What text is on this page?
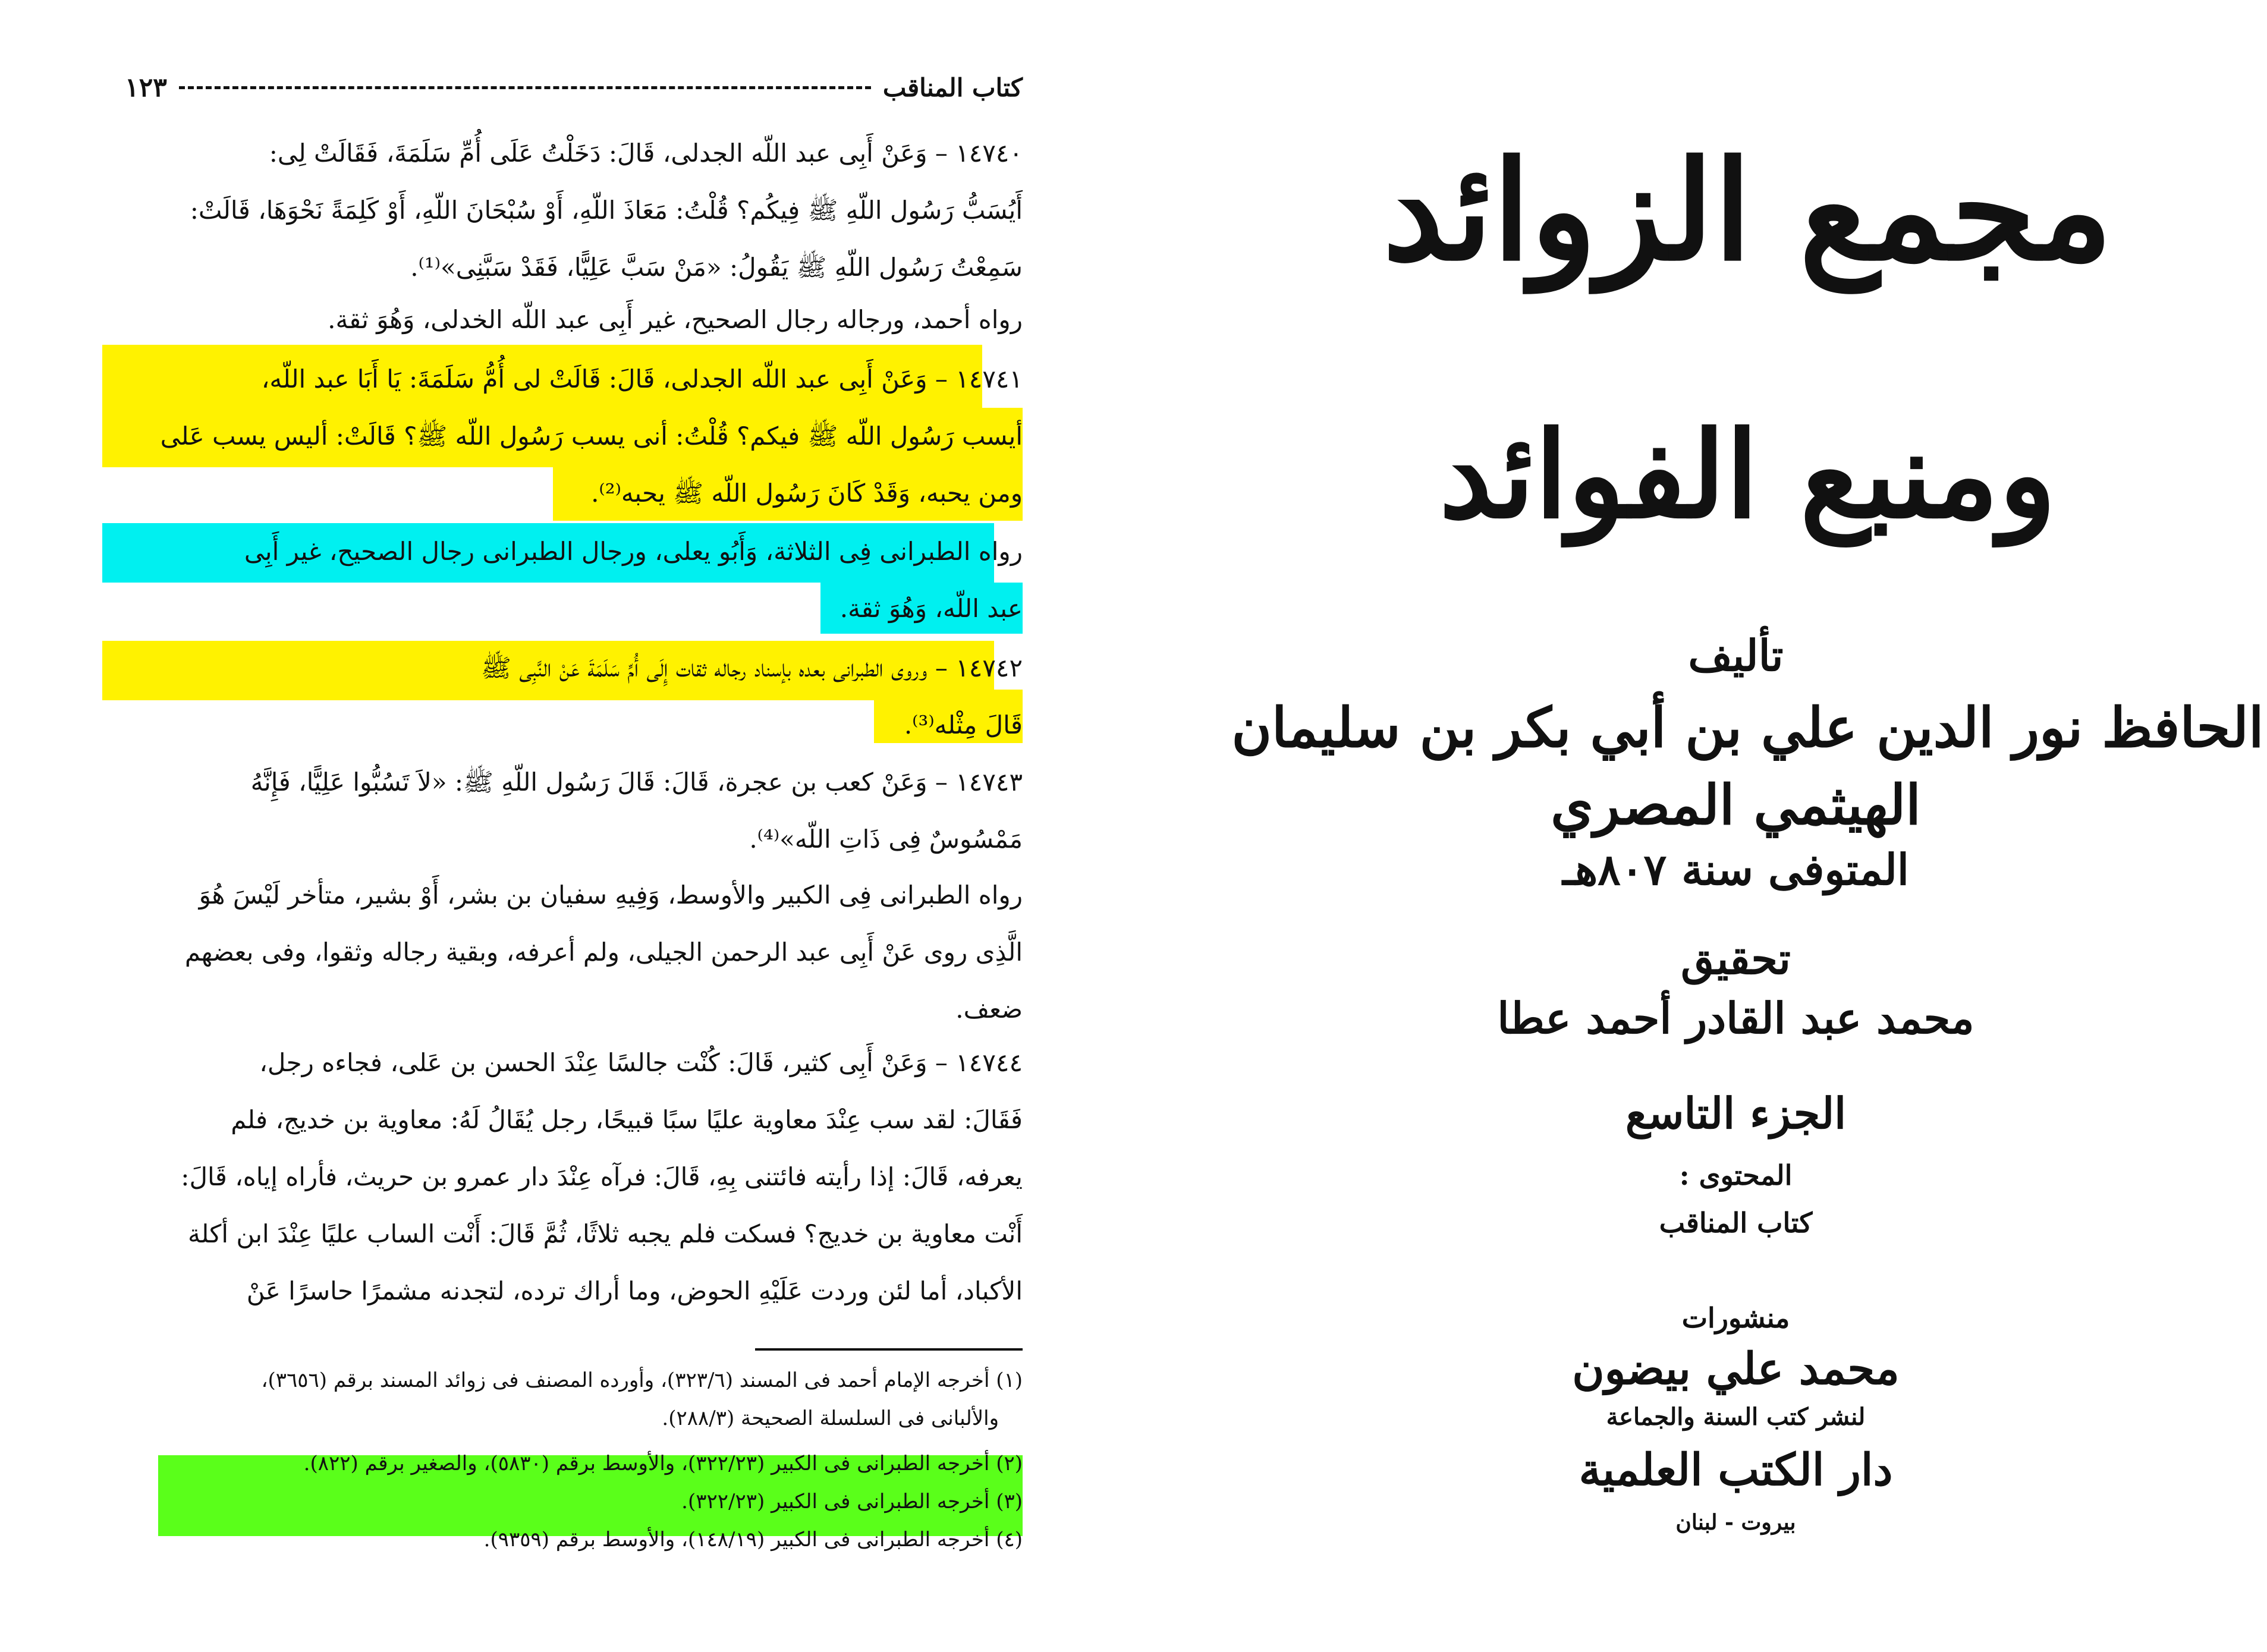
كتاب المناقب
١٢٣
١٤٧٤٠ – وَعَنْ أَبِى عبد اللّه الجدلى، قَالَ: دَخَلْتُ عَلَى أُمِّ سَلَمَةَ، فَقَالَتْ لِى:
أَيُسَبُّ رَسُول اللّهِ ﷺ فِيكُم؟ قُلْتُ: مَعَاذَ اللّهِ، أَوْ سُبْحَانَ اللّهِ، أَوْ كَلِمَةً نَحْوَهَا، قَالَتْ:
سَمِعْتُ رَسُول اللّهِ ﷺ يَقُولُ: «مَنْ سَبَّ عَلِيًّا، فَقَدْ سَبَّنِى»⁽¹⁾.
رواه أحمد، ورجاله رجال الصحيح، غير أَبِى عبد اللّه الخدلى، وَهُوَ ثقة.
١٤٧٤١ – وَعَنْ أَبِى عبد اللّه الجدلى، قَالَ: قَالَتْ لى أُمُّ سَلَمَةَ: يَا أَبَا عبد اللّه،
أيسب رَسُول اللّه ﷺ فيكم؟ قُلْتُ: أنى يسب رَسُول اللّه ﷺ؟ قَالَتْ: أليس يسب عَلى
ومن يحبه، وَقَدْ كَانَ رَسُول اللّه ﷺ يحبه⁽²⁾.
رواه الطبرانى فِى الثلاثة، وَأَبُو يعلى، ورجال الطبرانى رجال الصحيح، غير أَبِى
عبد اللّه، وَهُوَ ثقة.
١٤٧٤٢ – وروى الطبرانى بعده بإسناد رجاله ثقات إِلَى أُمِّ سَلَمَةَ عَنْ النَّبِى ﷺ
قَالَ مِثْله⁽³⁾.
١٤٧٤٣ – وَعَنْ كعب بن عجرة، قَالَ: قَالَ رَسُول اللّهِ ﷺ: «لاَ تَسُبُّوا عَلِيًّا، فَإِنَّهُ
مَمْسُوسٌ فِى ذَاتِ اللّه»⁽⁴⁾.
رواه الطبرانى فِى الكبير والأوسط، وَفِيهِ سفيان بن بشر، أَوْ بشير، متأخر لَيْسَ هُوَ
الَّذِى روى عَنْ أَبِى عبد الرحمن الجيلى، ولم أعرفه، وبقية رجاله وثقوا، وفى بعضهم
ضعف.
١٤٧٤٤ – وَعَنْ أَبِى كثير، قَالَ: كُنْت جالسًا عِنْدَ الحسن بن عَلى، فجاءه رجل،
فَقَالَ: لقد سب عِنْدَ معاوية عليًا سبًا قبيحًا، رجل يُقَالُ لَهُ: معاوية بن خديج، فلم
يعرفه، قَالَ: إذا رأيته فائتنى بِهِ، قَالَ: فرآه عِنْدَ دار عمرو بن حريث، فأراه إياه، قَالَ:
أَنْت معاوية بن خديج؟ فسكت فلم يجبه ثلاثًا، ثُمَّ قَالَ: أَنْت الساب عليًا عِنْدَ ابن أكلة
الأكباد، أما لئن وردت عَلَيْهِ الحوض، وما أراك ترده، لتجدنه مشمرًا حاسرًا عَنْ
(١) أخرجه الإمام أحمد فى المسند (٣٢٣/٦)، وأورده المصنف فى زوائد المسند برقم (٣٦٥٦)،
والألبانى فى السلسلة الصحيحة (٢٨٨/٣).
(٢) أخرجه الطبرانى فى الكبير (٣٢٢/٢٣)، والأوسط برقم (٥٨٣٠)، والصغير برقم (٨٢٢).
(٣) أخرجه الطبرانى فى الكبير (٣٢٢/٢٣).
(٤) أخرجه الطبرانى فى الكبير (١٤٨/١٩)، والأوسط برقم (٩٣٥٩).
مجمع الزوائد
ومنبع الفوائد
تأليف
الحافظ نور الدين علي بن أبي بكر بن سليمان
الهيثمي المصري
المتوفى سنة ٨٠٧هـ
تحقيق
محمد عبد القادر أحمد عطا
الجزء التاسع
المحتوى :
كتاب المناقب
منشورات
محمد علي بيضون
لنشر كتب السنة والجماعة
دار الكتب العلمية
بيروت - لبنان
